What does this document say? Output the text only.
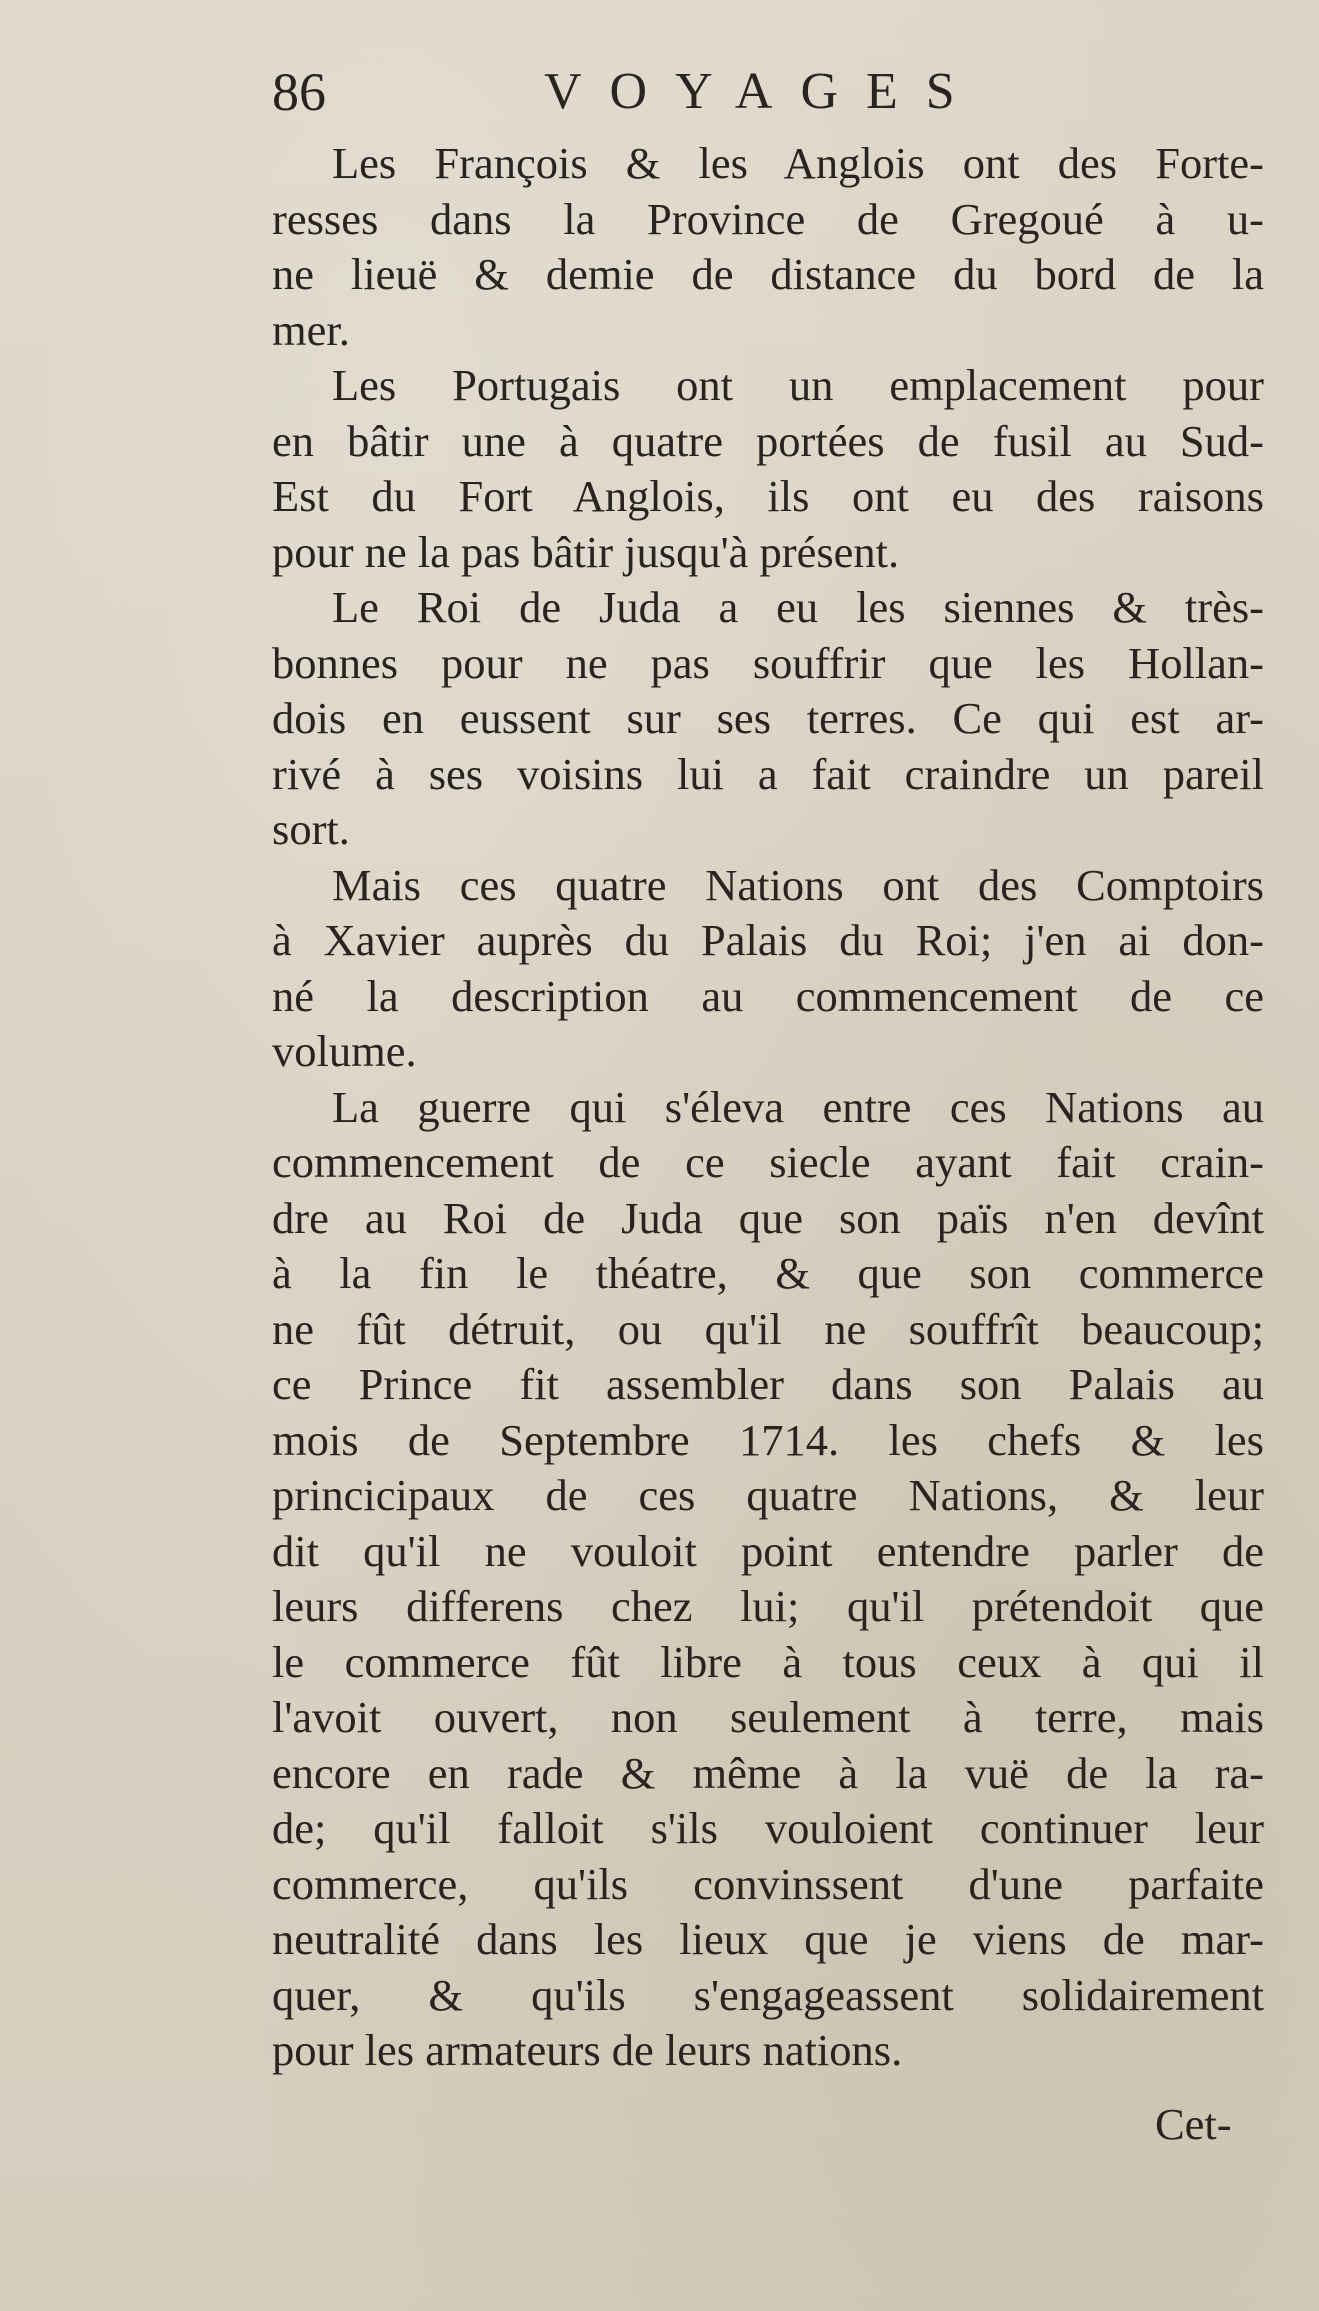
86	VOYAGES
Les François & les Anglois ont des Forte-
resses dans la Province de Gregoué à u-
ne lieuë & demie de distance du bord de la
mer.
Les Portugais ont un emplacement pour
en bâtir une à quatre portées de fusil au Sud-
Est du Fort Anglois, ils ont eu des raisons
pour ne la pas bâtir jusqu'à présent.
Le Roi de Juda a eu les siennes & très-
bonnes pour ne pas souffrir que les Hollan-
dois en eussent sur ses terres. Ce qui est ar-
rivé à ses voisins lui a fait craindre un pareil
sort.
Mais ces quatre Nations ont des Comptoirs
à Xavier auprès du Palais du Roi; j'en ai don-
né la description au commencement de ce
volume.
La guerre qui s'éleva entre ces Nations au
commencement de ce siecle ayant fait crain-
dre au Roi de Juda que son païs n'en devînt
à la fin le théatre, & que son commerce
ne fût détruit, ou qu'il ne souffrît beaucoup;
ce Prince fit assembler dans son Palais au
mois de Septembre 1714. les chefs & les
princicipaux de ces quatre Nations, & leur
dit qu'il ne vouloit point entendre parler de
leurs differens chez lui; qu'il prétendoit que
le commerce fût libre à tous ceux à qui il
l'avoit ouvert, non seulement à terre, mais
encore en rade & même à la vuë de la ra-
de; qu'il falloit s'ils vouloient continuer leur
commerce, qu'ils convinssent d'une parfaite
neutralité dans les lieux que je viens de mar-
quer, & qu'ils s'engageassent solidairement
pour les armateurs de leurs nations.
Cet-
